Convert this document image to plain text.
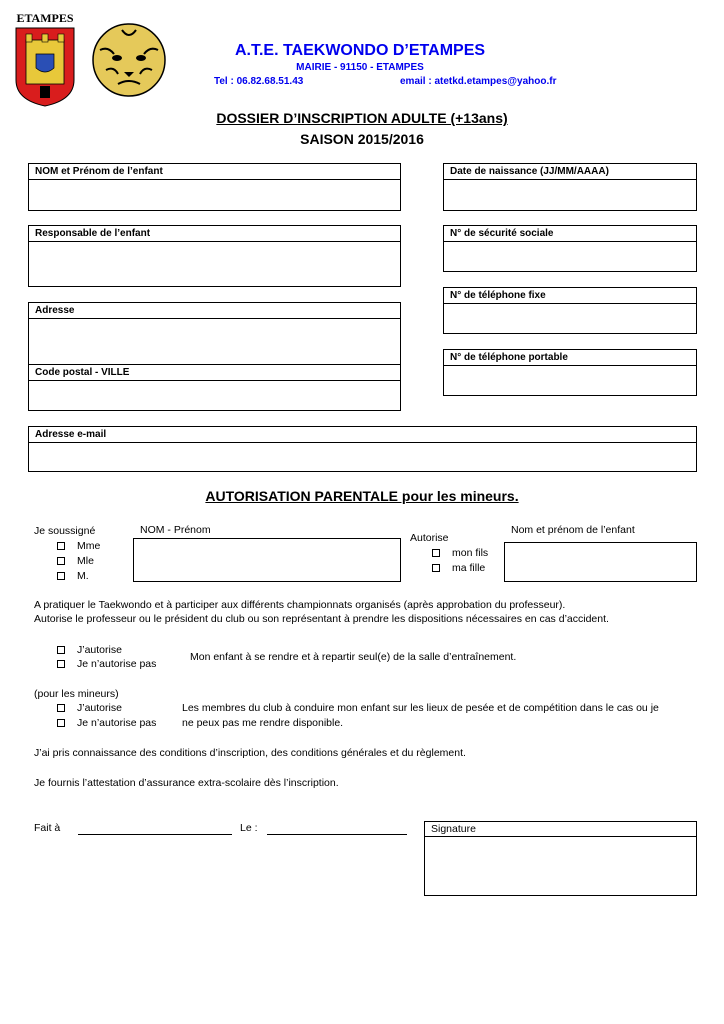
ETAMPES
A.T.E. TAEKWONDO D’ETAMPES
MAIRIE - 91150 - ETAMPES
Tel : 06.82.68.51.43	email : atetkd.etampes@yahoo.fr
DOSSIER D’INSCRIPTION ADULTE (+13ans)
SAISON 2015/2016
NOM et Prénom de l’enfant	Date de naissance (JJ/MM/AAAA)
Responsable de l’enfant	N° de sécurité sociale
N° de téléphone fixe
Adresse
N° de téléphone portable
Code postal - VILLE
Adresse e-mail
AUTORISATION PARENTALE pour les mineurs.
Je soussigné	NOM - Prénom
Mme
Mle
M.
Autorise
mon fils
ma fille
Nom et prénom de l’enfant
A pratiquer le Taekwondo et à participer aux différents championnats organisés (après approbation du professeur).
Autorise le professeur ou le président du club ou son représentant à prendre les dispositions nécessaires en cas d’accident.
J’autorise
Je n’autorise pas
Mon enfant à se rendre et à repartir seul(e) de la salle d’entraînement.
(pour les mineurs)
J’autorise
Je n’autorise pas
Les membres du club à conduire mon enfant sur les lieux de pesée et de compétition dans le cas ou je
ne peux pas me rendre disponible.
J’ai pris connaissance des conditions d’inscription, des conditions générales et du règlement.
Je fournis l’attestation d’assurance extra-scolaire dès l’inscription.
Fait à	Le :	Signature
